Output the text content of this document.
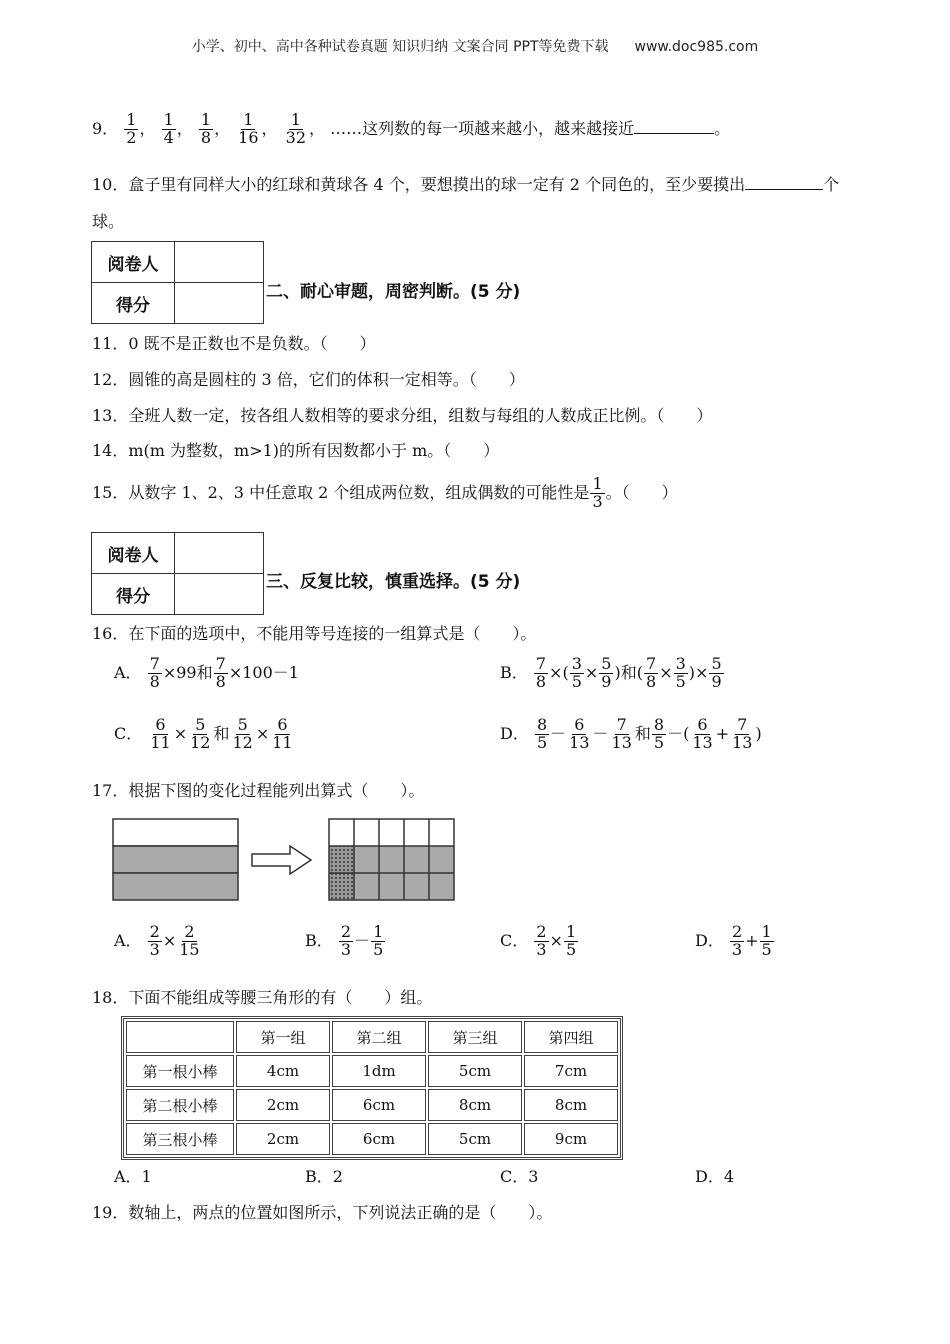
小学、初中、高中各种试卷真题 知识归纳 文案合同 PPT等免费下载 www.doc985.com
9． $\frac{1}{2}$ ， $\frac{1}{4}$ ， $\frac{1}{8}$ ， $\frac{1}{16}$ ， $\frac{1}{32}$ ， ……这列数的每一项越来越小，越来越接近	。
10．盒子里有同样大小的红球和黄球各 4 个，要想摸出的球一定有 2 个同色的，至少要摸出	个
球。
阅卷人	
得分	
二、耐心审题，周密判断。(5 分)
11．0 既不是正数也不是负数。（　　）
12．圆锥的高是圆柱的 3 倍，它们的体积一定相等。（　　）
13．全班人数一定，按各组人数相等的要求分组，组数与每组的人数成正比例。（　　）
14．m(m 为整数，m>1)的所有因数都小于 m。（　　）
15．从数字 1、2、3 中任意取 2 个组成两位数，组成偶数的可能性是 $\frac{1}{3}$ 。（　　）
阅卷人	
得分	
三、反复比较，慎重选择。(5 分)
16．在下面的选项中，不能用等号连接的一组算式是（　　）。
A． $\frac{7}{8} \times 99$和 $\frac{7}{8} \times 100-1$	B． $\frac{7}{8}$ ×( $\frac{3}{5} \times \frac{5}{9}$ )和( $\frac{7}{8} \times \frac{3}{5}$ )× $\frac{5}{9}$
C． $\frac{6}{11} \times \frac{5}{12}$ 和 $\frac{5}{12} \times \frac{6}{11}$	D． $\frac{8}{5} - \frac{6}{13} - \frac{7}{13}$ 和 $\frac{8}{5}$ －( $\frac{6}{13} + \frac{7}{13}$ )
17．根据下图的变化过程能列出算式（　　）。
A． $\frac{2}{3} \times \frac{2}{15}$	B． $\frac{2}{3} - \frac{1}{5}$	C． $\frac{2}{3} \times \frac{1}{5}$	D． $\frac{2}{3} + \frac{1}{5}$
18．下面不能组成等腰三角形的有（　　）组。
	第一组	第二组	第三组	第四组
第一根小棒	4cm	1dm	5cm	7cm
第二根小棒	2cm	6cm	8cm	8cm
第三根小棒	2cm	6cm	5cm	9cm
A．1	B．2	C．3	D．4
19．数轴上，两点的位置如图所示，下列说法正确的是（　　）。
